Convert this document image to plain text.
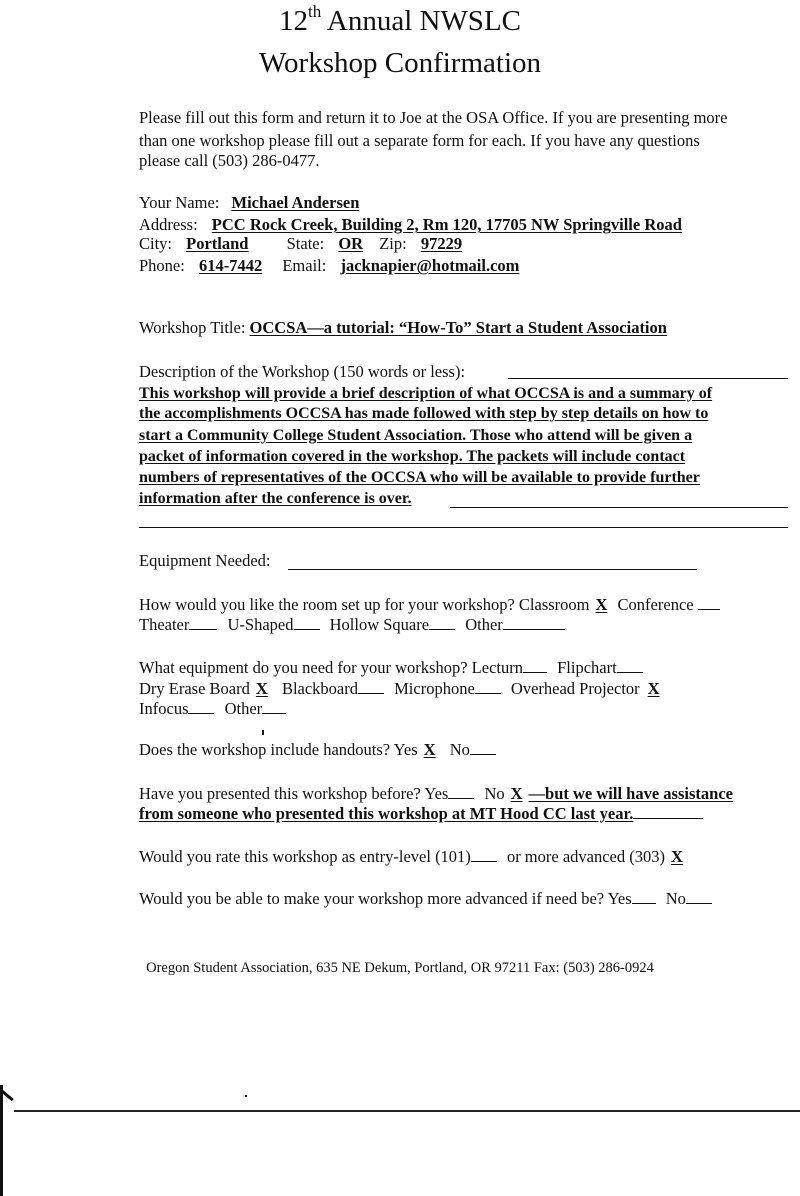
12th Annual NWSLC
Workshop Confirmation
Please fill out this form and return it to Joe at the OSA Office. If you are presenting more
than one workshop please fill out a separate form for each. If you have any questions
please call (503) 286-0477.
Your Name: Michael Andersen
Address: PCC Rock Creek, Building 2, Rm 120, 17705 NW Springville Road
City: Portland State: OR Zip: 97229
Phone: 614-7442 Email: jacknapier@hotmail.com
Workshop Title: OCCSA—a tutorial: “How-To” Start a Student Association
Description of the Workshop (150 words or less):
This workshop will provide a brief description of what OCCSA is and a summary of
the accomplishments OCCSA has made followed with step by step details on how to
start a Community College Student Association. Those who attend will be given a
packet of information covered in the workshop. The packets will include contact
numbers of representatives of the OCCSA who will be available to provide further
information after the conference is over.
Equipment Needed:
How would you like the room set up for your workshop? Classroom X Conference
Theater U-Shaped Hollow Square Other
What equipment do you need for your workshop? Lecturn Flipchart
Dry Erase Board X Blackboard Microphone Overhead Projector X
Infocus Other
Does the workshop include handouts? Yes X No
Have you presented this workshop before? Yes No X —but we will have assistance
from someone who presented this workshop at MT Hood CC last year.
Would you rate this workshop as entry-level (101) or more advanced (303) X
Would you be able to make your workshop more advanced if need be? Yes No
Oregon Student Association, 635 NE Dekum, Portland, OR 97211 Fax: (503) 286-0924
